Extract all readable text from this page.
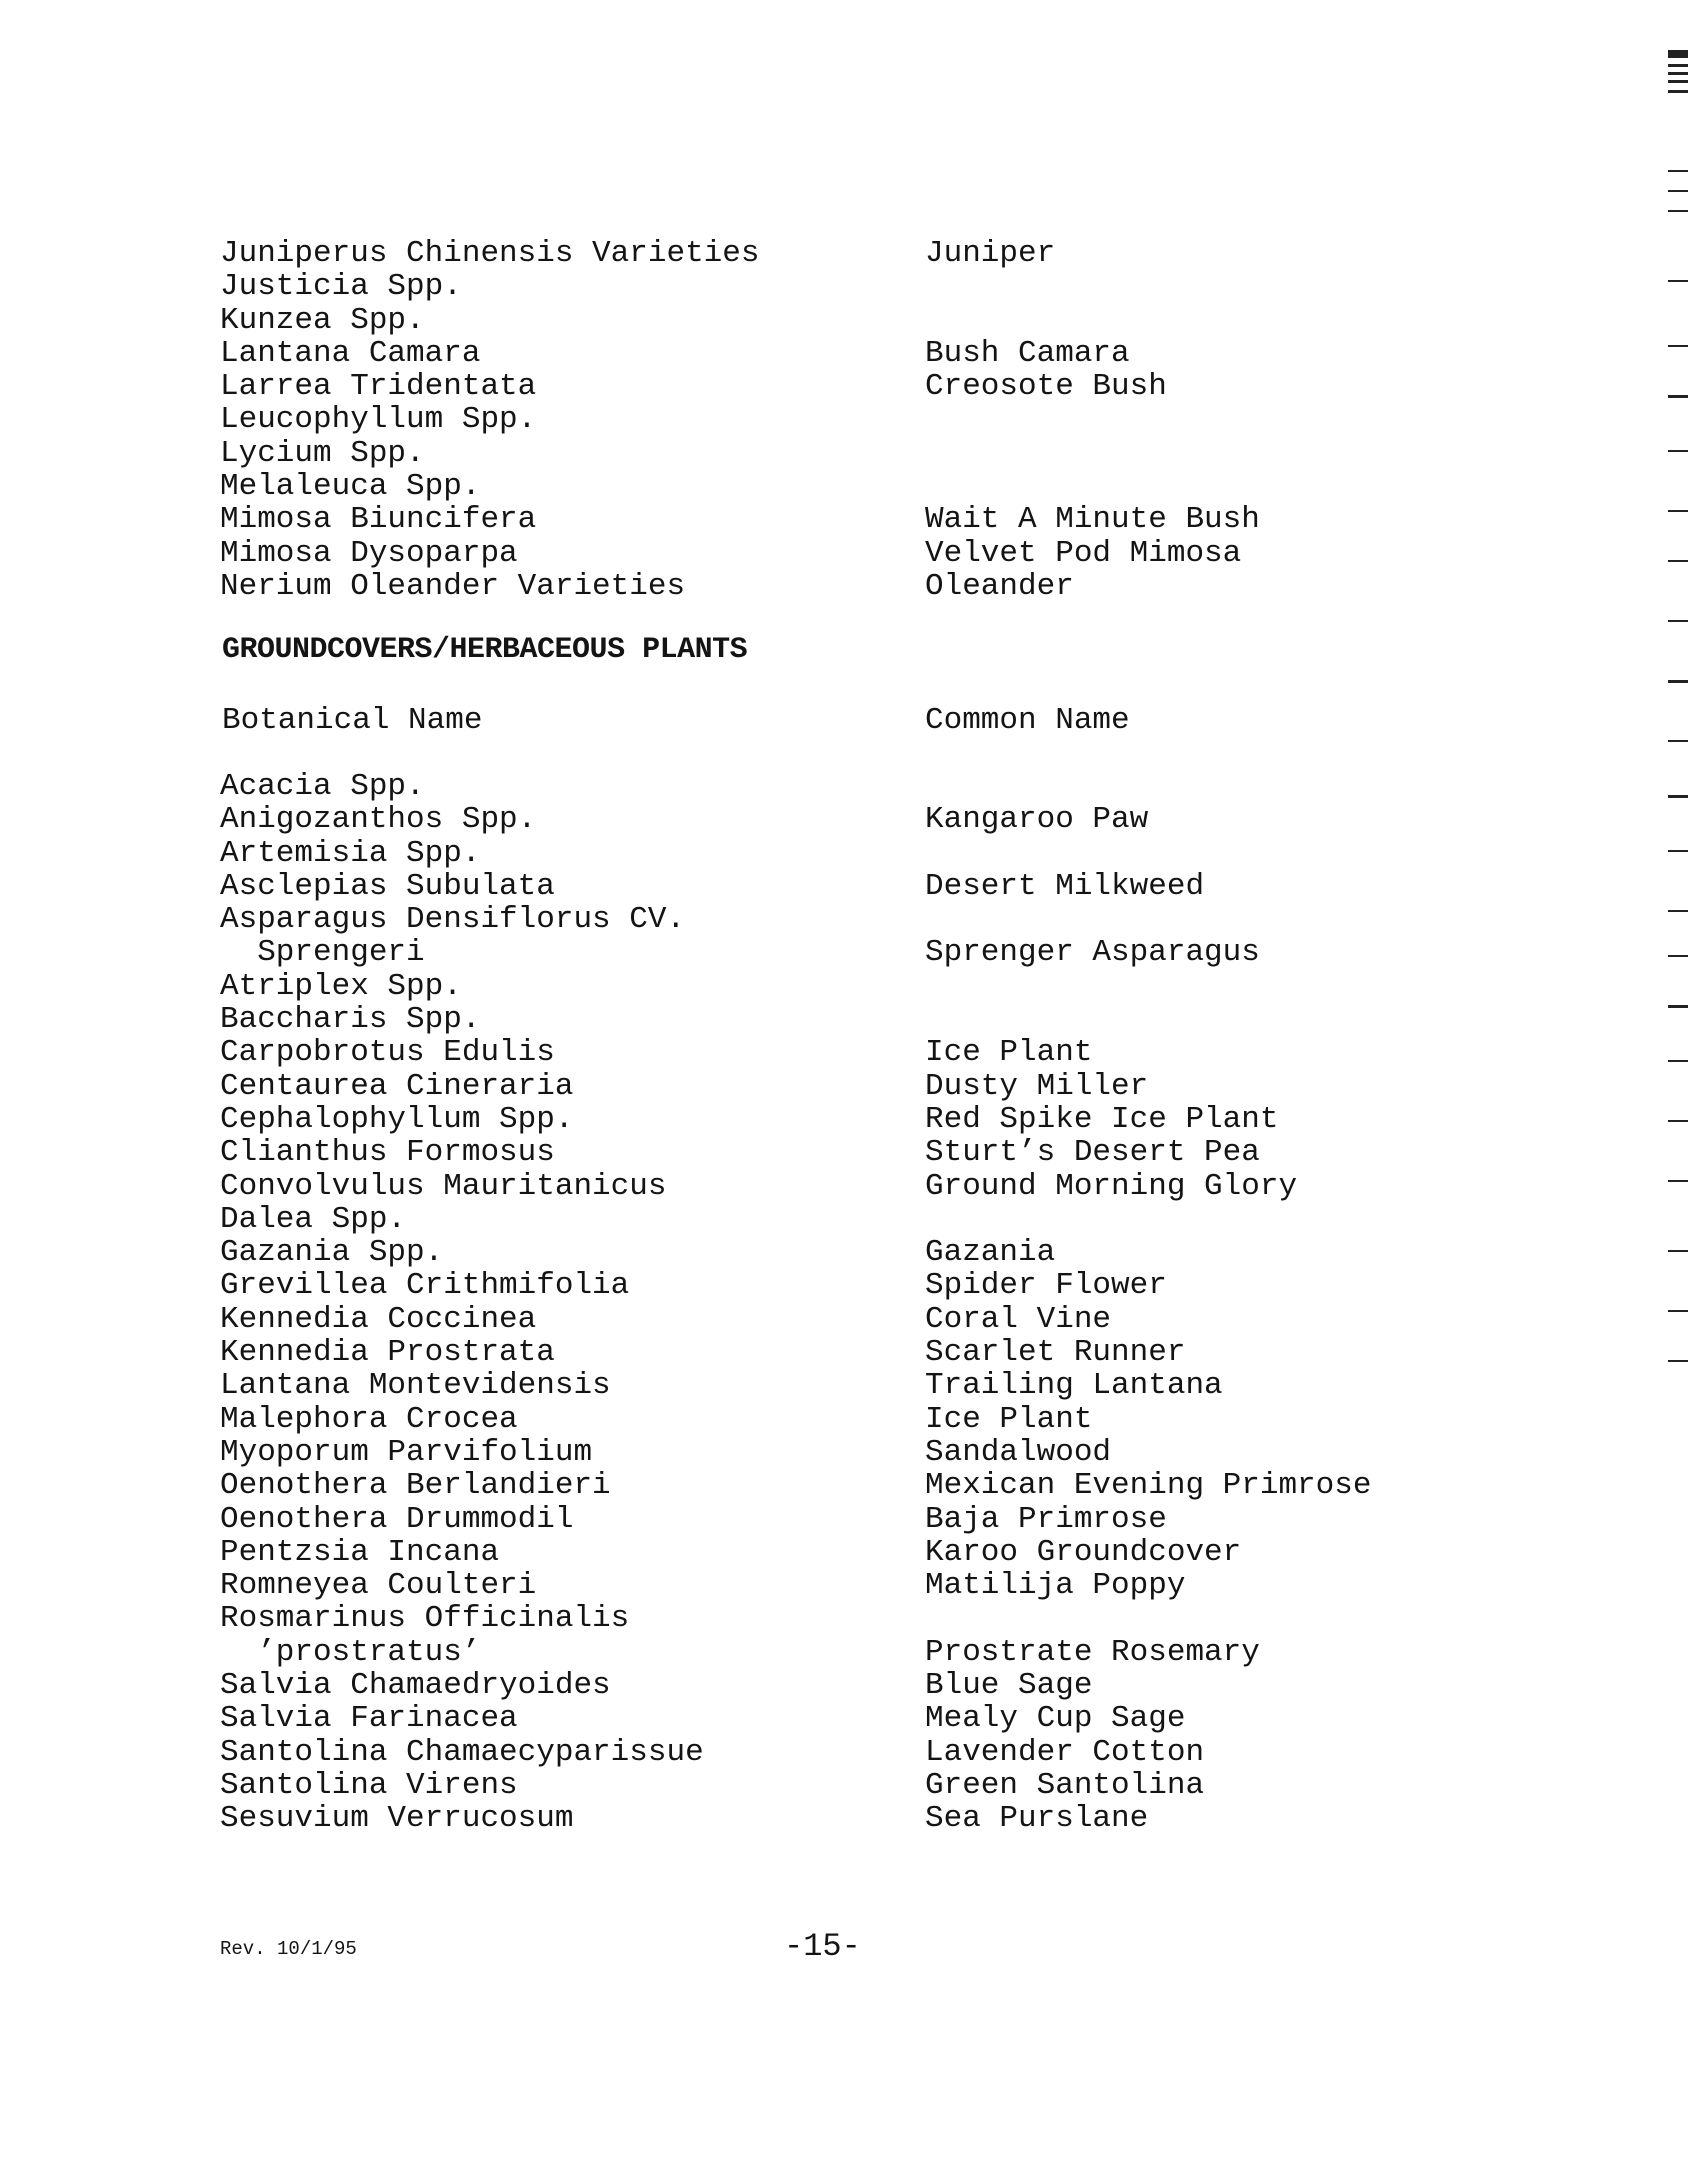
Juniperus Chinensis Varieties	Juniper
Justicia Spp.
Kunzea Spp.
Lantana Camara	Bush Camara
Larrea Tridentata	Creosote Bush
Leucophyllum Spp.
Lycium Spp.
Melaleuca Spp.
Mimosa Biuncifera	Wait A Minute Bush
Mimosa Dysoparpa	Velvet Pod Mimosa
Nerium Oleander Varieties	Oleander
GROUNDCOVERS/HERBACEOUS PLANTS
Botanical Name	Common Name
Acacia Spp.
Anigozanthos Spp.	Kangaroo Paw
Artemisia Spp.
Asclepias Subulata	Desert Milkweed
Asparagus Densiflorus CV.
Sprengeri	Sprenger Asparagus
Atriplex Spp.
Baccharis Spp.
Carpobrotus Edulis	Ice Plant
Centaurea Cineraria	Dusty Miller
Cephalophyllum Spp.	Red Spike Ice Plant
Clianthus Formosus	Sturt’s Desert Pea
Convolvulus Mauritanicus	Ground Morning Glory
Dalea Spp.
Gazania Spp.	Gazania
Grevillea Crithmifolia	Spider Flower
Kennedia Coccinea	Coral Vine
Kennedia Prostrata	Scarlet Runner
Lantana Montevidensis	Trailing Lantana
Malephora Crocea	Ice Plant
Myoporum Parvifolium	Sandalwood
Oenothera Berlandieri	Mexican Evening Primrose
Oenothera Drummodil	Baja Primrose
Pentzsia Incana	Karoo Groundcover
Romneyea Coulteri	Matilija Poppy
Rosmarinus Officinalis
’prostratus’	Prostrate Rosemary
Salvia Chamaedryoides	Blue Sage
Salvia Farinacea	Mealy Cup Sage
Santolina Chamaecyparissue	Lavender Cotton
Santolina Virens	Green Santolina
Sesuvium Verrucosum	Sea Purslane
Rev. 10/1/95	-15-
